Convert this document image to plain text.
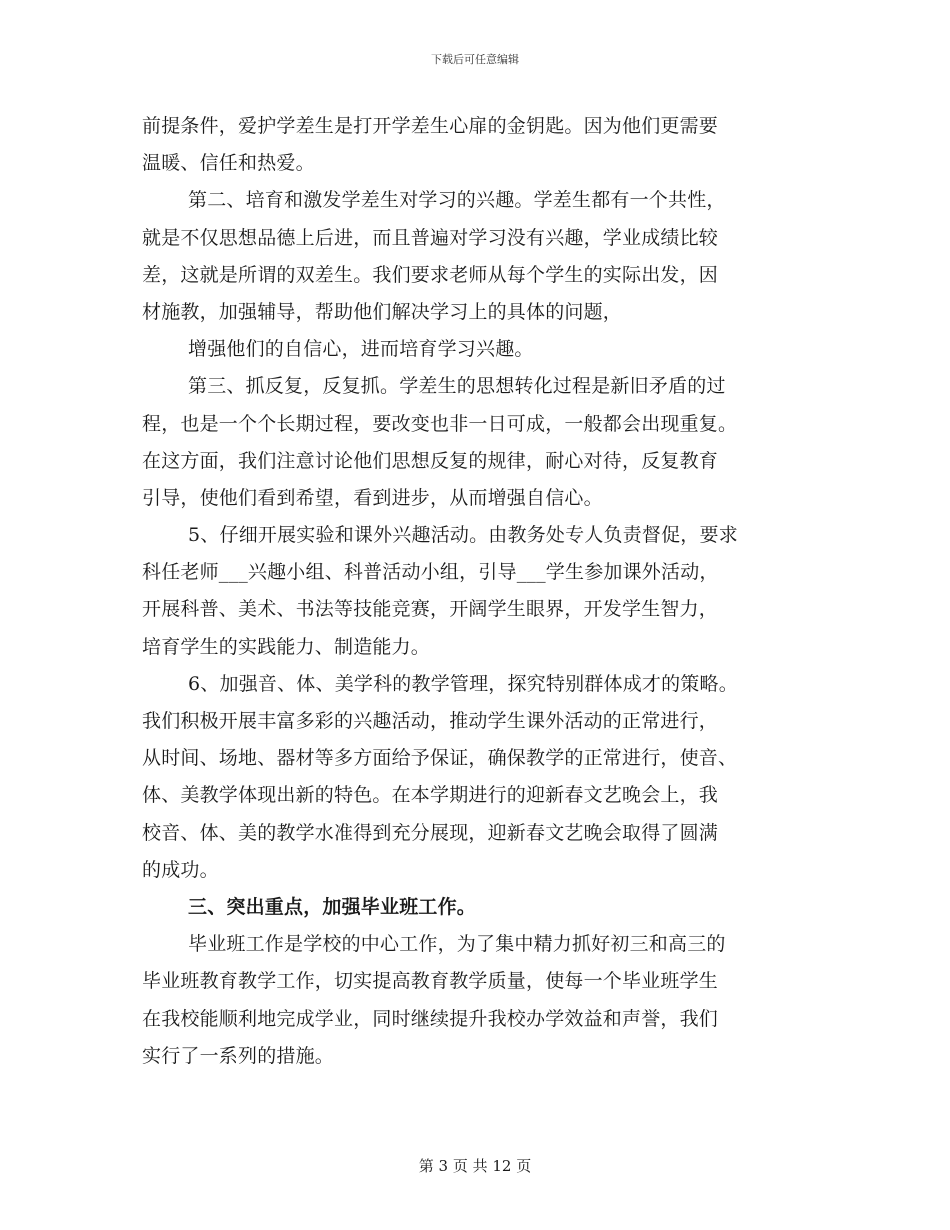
下载后可任意编辑
前提条件，爱护学差生是打开学差生心扉的金钥匙。因为他们更需要
温暖、信任和热爱。
第二、培育和激发学差生对学习的兴趣。学差生都有一个共性，
就是不仅思想品德上后进，而且普遍对学习没有兴趣，学业成绩比较
差，这就是所谓的双差生。我们要求老师从每个学生的实际出发，因
材施教，加强辅导，帮助他们解决学习上的具体的问题，
增强他们的自信心，进而培育学习兴趣。
第三、抓反复，反复抓。学差生的思想转化过程是新旧矛盾的过
程，也是一个个长期过程，要改变也非一日可成，一般都会出现重复。
在这方面，我们注意讨论他们思想反复的规律，耐心对待，反复教育
引导，使他们看到希望，看到进步，从而增强自信心。
5、仔细开展实验和课外兴趣活动。由教务处专人负责督促，要求
科任老师___兴趣小组、科普活动小组，引导___学生参加课外活动，
开展科普、美术、书法等技能竞赛，开阔学生眼界，开发学生智力，
培育学生的实践能力、制造能力。
6、加强音、体、美学科的教学管理，探究特别群体成才的策略。
我们积极开展丰富多彩的兴趣活动，推动学生课外活动的正常进行，
从时间、场地、器材等多方面给予保证，确保教学的正常进行，使音、
体、美教学体现出新的特色。在本学期进行的迎新春文艺晚会上，我
校音、体、美的教学水准得到充分展现，迎新春文艺晚会取得了圆满
的成功。
三、突出重点，加强毕业班工作。
毕业班工作是学校的中心工作，为了集中精力抓好初三和高三的
毕业班教育教学工作，切实提高教育教学质量，使每一个毕业班学生
在我校能顺利地完成学业，同时继续提升我校办学效益和声誉，我们
实行了一系列的措施。
第 3 页 共 12 页
